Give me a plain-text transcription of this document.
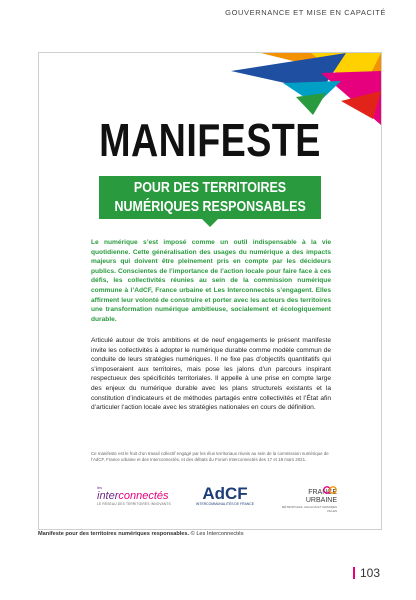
GOUVERNANCE ET MISE EN CAPACITÉ
MANIFESTE
POUR DES TERRITOIRES
NUMÉRIQUES RESPONSABLES
Le numérique s’est imposé comme un outil indispensable à la vie quotidienne. Cette généralisation des usages du numérique a des impacts majeurs qui doivent être pleinement pris en compte par les décideurs publics. Conscientes de l’importance de l’action locale pour faire face à ces défis, les collectivités réunies au sein de la commission numérique commune à l’AdCF, France urbaine et Les Interconnectés s’engagent. Elles affirment leur volonté de construire et porter avec les acteurs des territoires une transformation numérique ambitieuse, socialement et écologiquement durable.
Articulé autour de trois ambitions et de neuf engagements le présent manifeste invite les collectivités à adopter le numérique durable comme modèle commun de conduite de leurs stratégies numériques. Il ne fixe pas d’objectifs quantitatifs qui s’imposeraient aux territoires, mais pose les jalons d’un parcours inspirant respectueux des spécificités territoriales. Il appelle à une prise en compte large des enjeux du numérique durable avec les plans structurels existants et la constitution d’indicateurs et de méthodes partagés entre collectivités et l’État afin d’articuler l’action locale avec les stratégies nationales en cours de définition.
Ce manifeste est le fruit d’un travail collectif engagé par les élus territoriaux réunis au sein de la commission numérique de l’AdCF, France urbaine et des Interconnectés, et des débats du Forum Interconnectés des 17 et 18 mars 2021.
les
interconnectés
LE RÉSEAU DES TERRITOIRES INNOVANTS
AdCF
INTERCOMMUNALITÉS DE FRANCE
FRANCE
URBAINE
MÉTROPOLES, AGGLOS ET GRANDES VILLES
Manifeste pour des territoires numériques responsables. © Les Interconnectés
103
